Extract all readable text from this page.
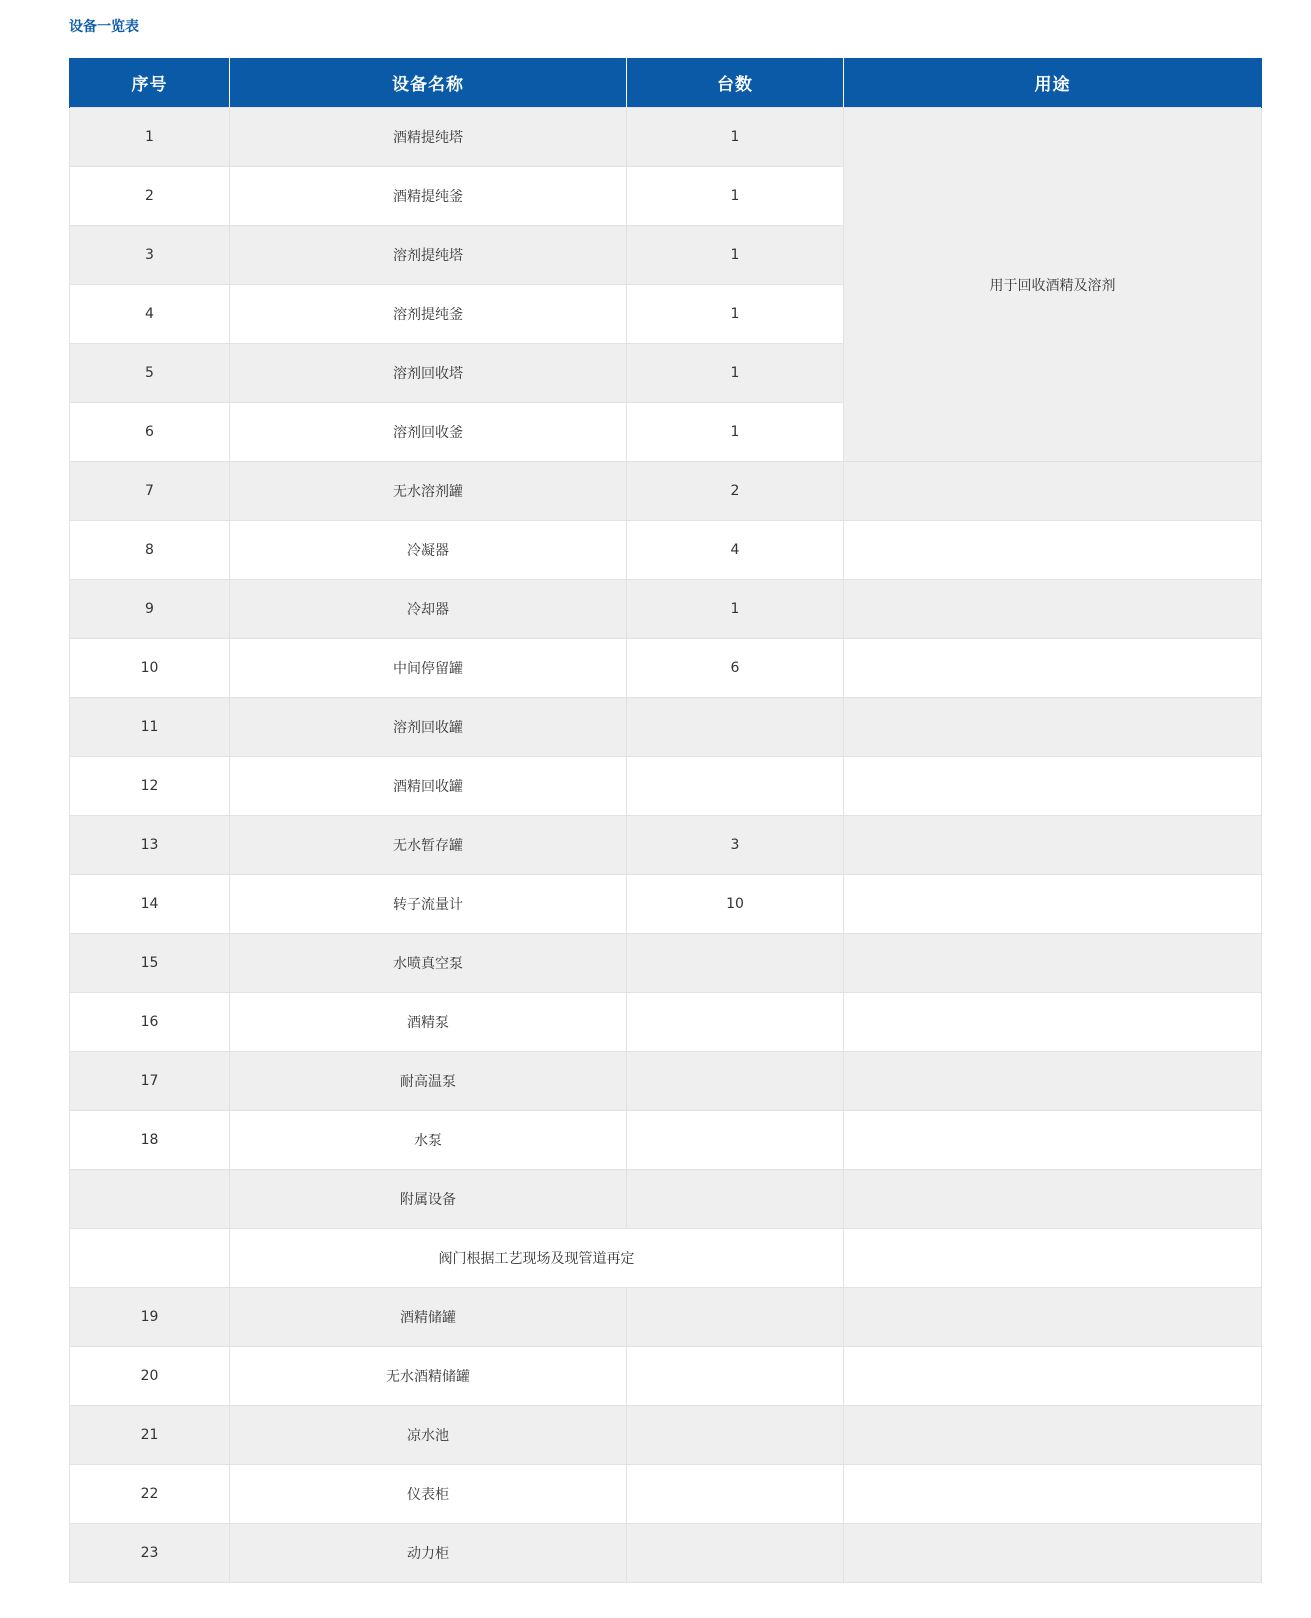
设备一览表
序号	设备名称	台数	用途
1	酒精提纯塔	1	用于回收酒精及溶剂
2	酒精提纯釜	1	
3	溶剂提纯塔	1	
4	溶剂提纯釜	1	
5	溶剂回收塔	1	
6	溶剂回收釜	1	
7	无水溶剂罐	2	
8	冷凝器	4	
9	冷却器	1	
10	中间停留罐	6	
11	溶剂回收罐		
12	酒精回收罐		
13	无水暂存罐	3	
14	转子流量计	10	
15	水喷真空泵		
16	酒精泵		
17	耐高温泵		
18	水泵		
	附属设备		
	阀门根据工艺现场及现管道再定		
19	酒精储罐		
20	无水酒精储罐		
21	凉水池		
22	仪表柜		
23	动力柜		
